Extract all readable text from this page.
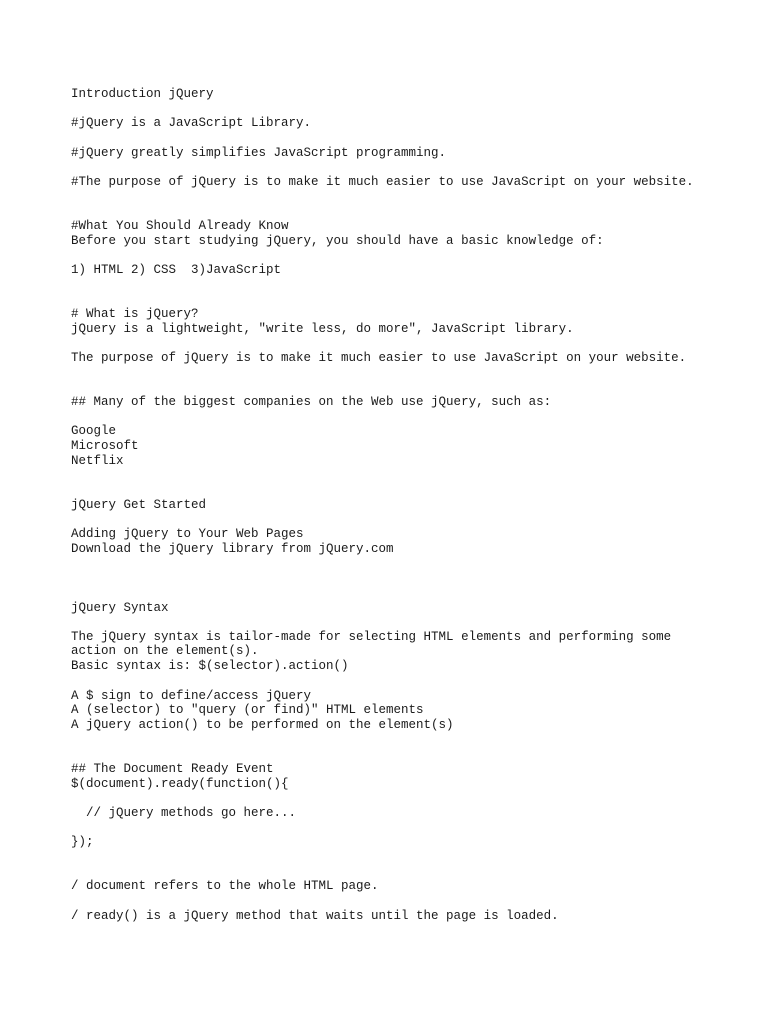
Introduction jQuery

#jQuery is a JavaScript Library.

#jQuery greatly simplifies JavaScript programming.

#The purpose of jQuery is to make it much easier to use JavaScript on your website.

#What You Should Already Know

Before you start studying jQuery, you should have a basic knowledge of:

1) HTML 2) CSS  3)JavaScript

# What is jQuery?

jQuery is a lightweight, "write less, do more", JavaScript library.

The purpose of jQuery is to make it much easier to use JavaScript on your website.

## Many of the biggest companies on the Web use jQuery, such as:

Google

Microsoft

Netflix

jQuery Get Started

Adding jQuery to Your Web Pages

Download the jQuery library from jQuery.com

jQuery Syntax

The jQuery syntax is tailor-made for selecting HTML elements and performing some

action on the element(s).

Basic syntax is: $(selector).action()

A $ sign to define/access jQuery

A (selector) to "query (or find)" HTML elements

A jQuery action() to be performed on the element(s)

## The Document Ready Event

$(document).ready(function(){

// jQuery methods go here...

});

/ document refers to the whole HTML page.

/ ready() is a jQuery method that waits until the page is loaded.
